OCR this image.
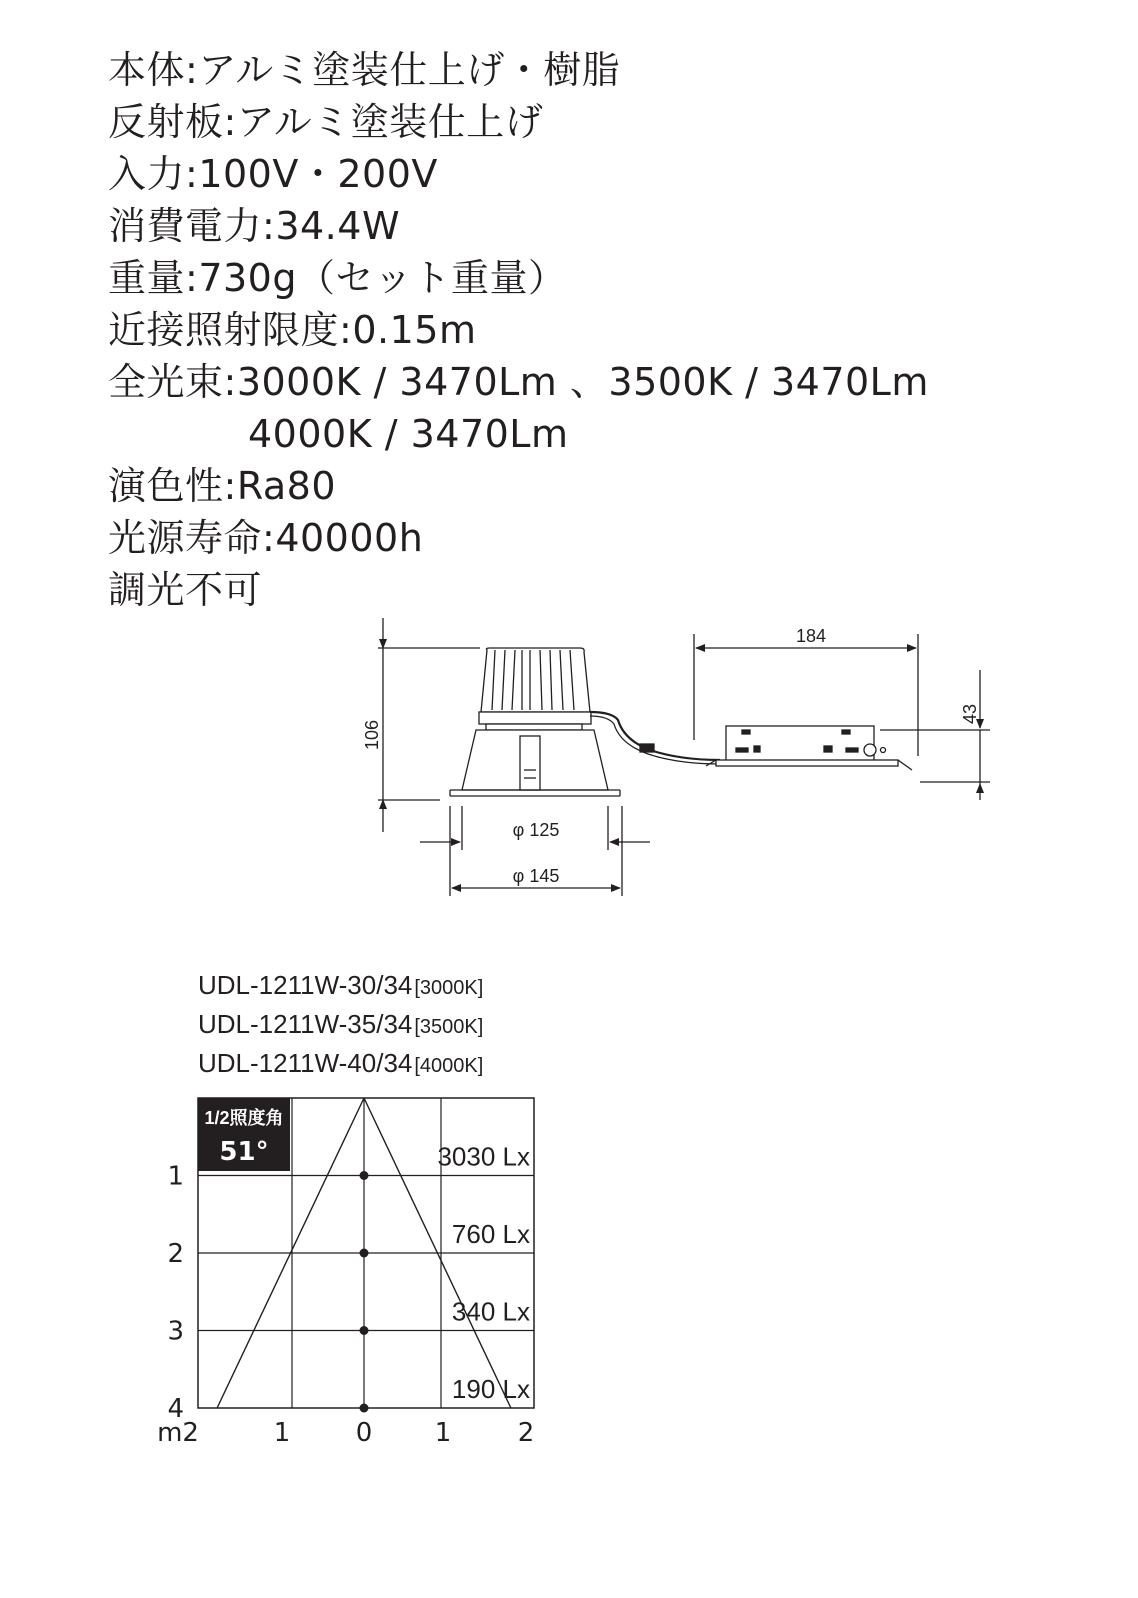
本体:アルミ塗装仕上げ・樹脂
反射板:アルミ塗装仕上げ
入力:100V・200V
消費電力:34.4W
重量:730g（セット重量）
近接照射限度:0.15m
全光束:3000K / 3470Lm 、3500K / 3470Lm
4000K / 3470Lm
演色性:Ra80
光源寿命:40000h
調光不可
106
184
43
φ 125
φ 145
UDL-1211W-30/34 [3000K]
UDL-1211W-35/34 [3500K]
UDL-1211W-40/34 [4000K]
3030 Lx
1
760 Lx
2
340 Lx
3
190 Lx
4
m2	1	0 1	2
1/2照度角
51°
